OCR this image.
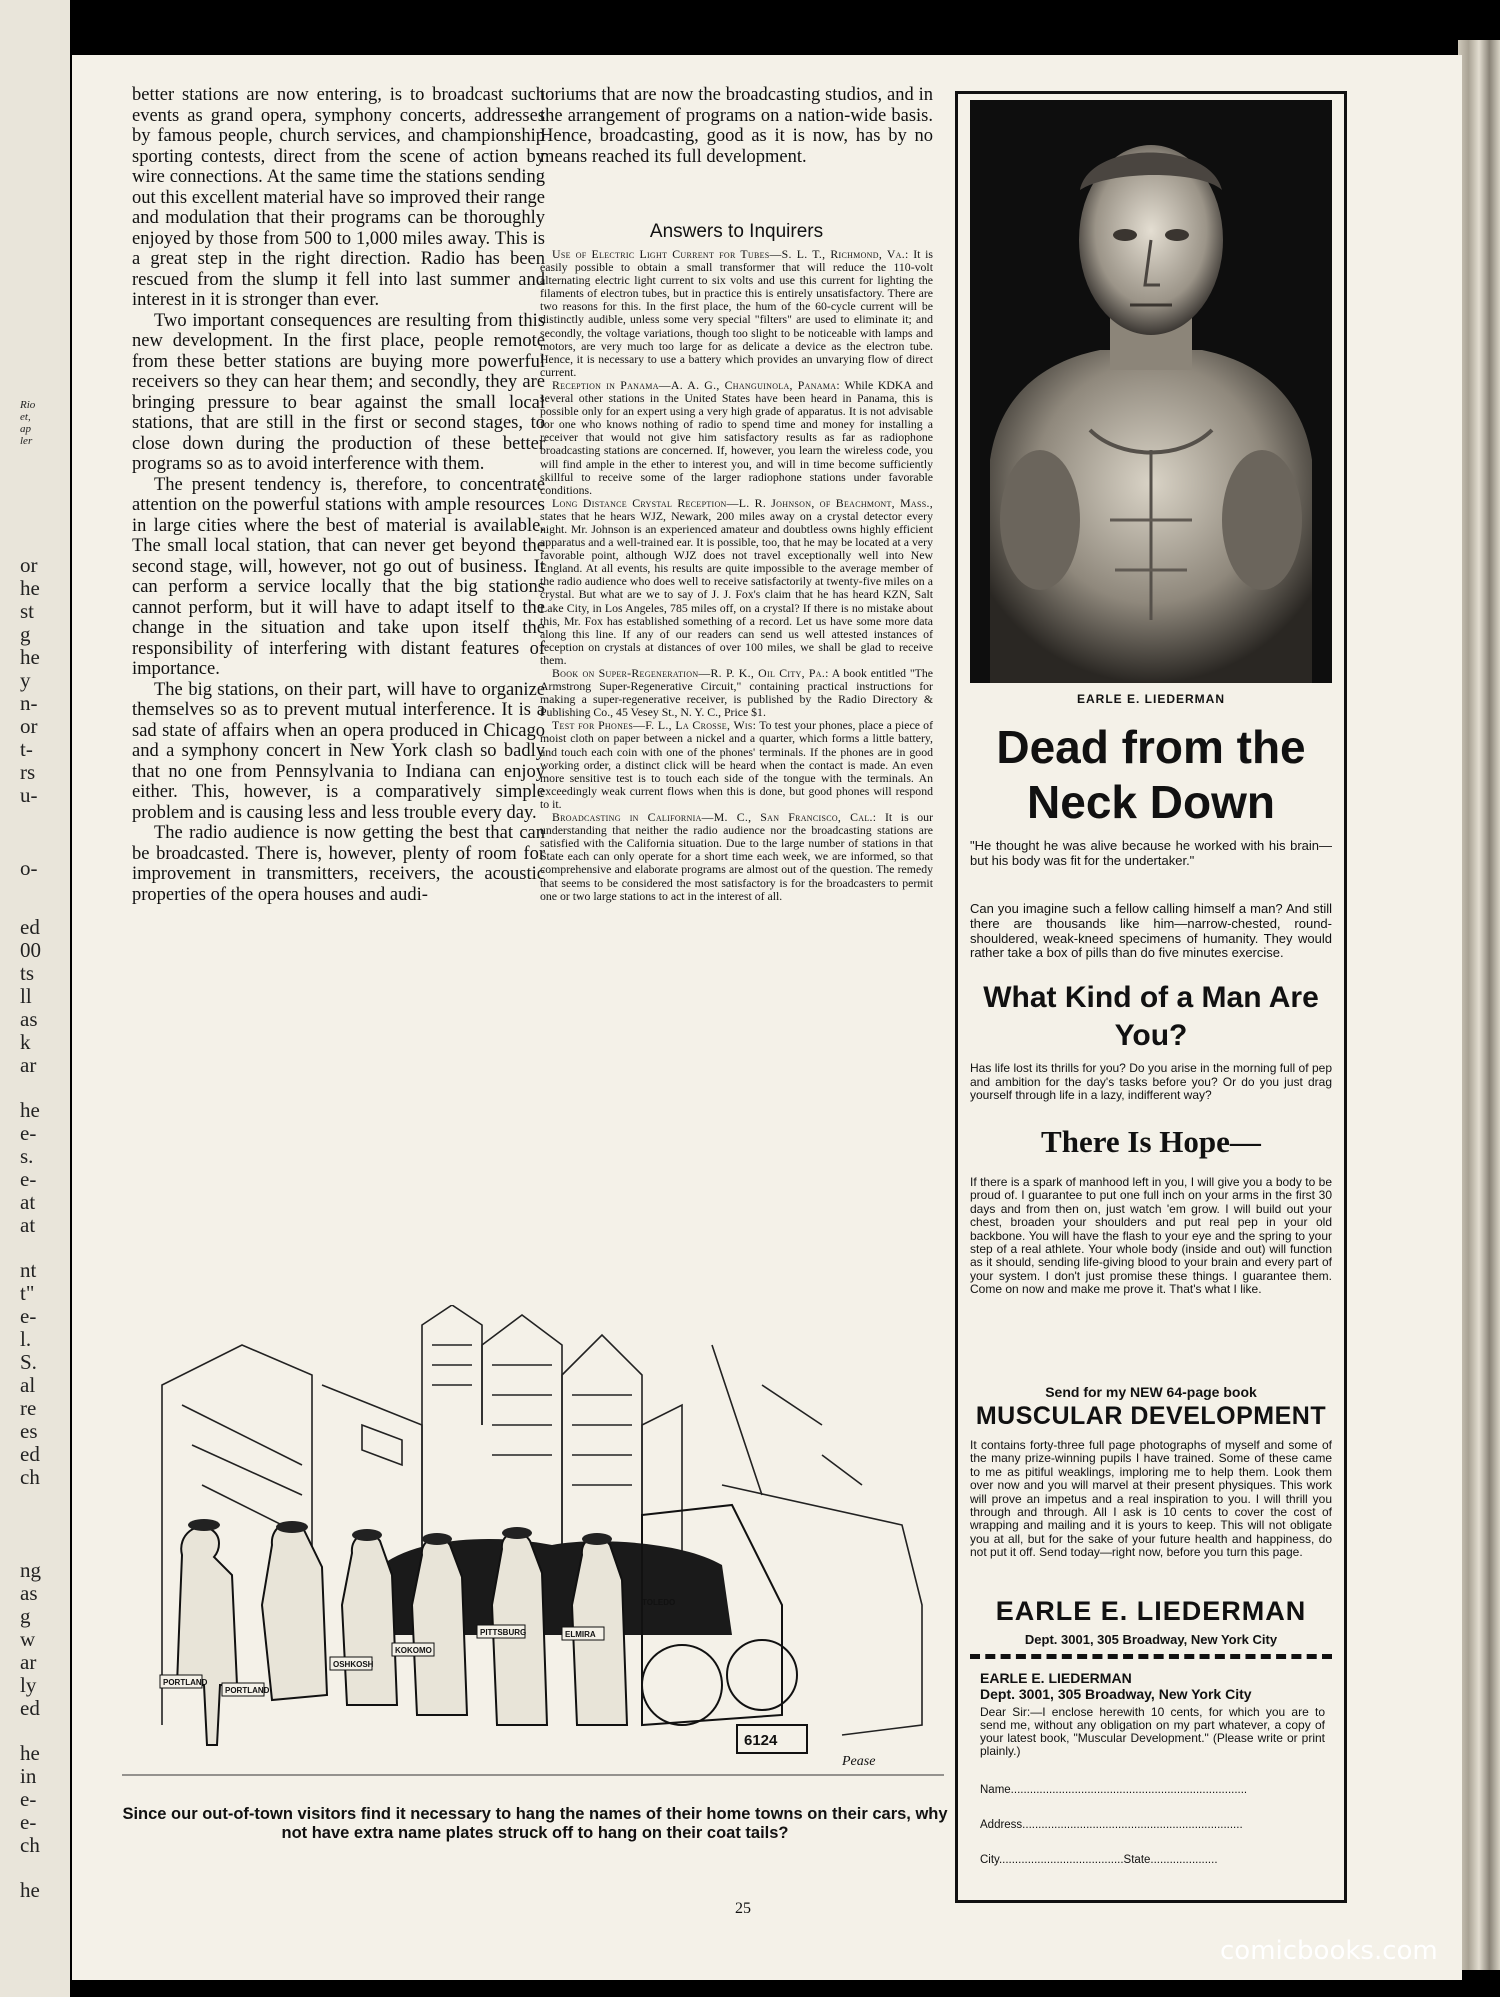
Rio
et,
ap
ler
or
he
st
g
he
y
n-
or
t-
rs
u-
o-
ed
00
ts
ll
as
k
ar
he
e-
s.
e-
at
at
nt
t"
e-
l.
S.
al
re
es
ed
ch
ng
as
g
w
ar
ly
ed
he
in
e-
e-
ch
he

better stations are now entering, is to broadcast such events as grand opera, symphony concerts, addresses by famous people, church services, and championship sporting contests, direct from the scene of action by wire connections. At the same time the stations sending out this excellent material have so improved their range and modulation that their programs can be thoroughly enjoyed by those from 500 to 1,000 miles away. This is a great step in the right direction. Radio has been rescued from the slump it fell into last summer and interest in it is stronger than ever.

Two important consequences are resulting from this new development. In the first place, people remote from these better stations are buying more powerful receivers so they can hear them; and secondly, they are bringing pressure to bear against the small local stations, that are still in the first or second stages, to close down during the production of these better programs so as to avoid interference with them.

The present tendency is, therefore, to concentrate attention on the powerful stations with ample resources in large cities where the best of material is available. The small local station, that can never get beyond the second stage, will, however, not go out of business. It can perform a service locally that the big stations cannot perform, but it will have to adapt itself to the change in the situation and take upon itself the responsibility of interfering with distant features of importance.

The big stations, on their part, will have to organize themselves so as to prevent mutual interference. It is a sad state of affairs when an opera produced in Chicago and a symphony concert in New York clash so badly that no one from Pennsylvania to Indiana can enjoy either. This, however, is a comparatively simple problem and is causing less and less trouble every day.

The radio audience is now getting the best that can be broadcasted. There is, however, plenty of room for improvement in transmitters, receivers, the acoustic properties of the opera houses and audi-

toriums that are now the broadcasting studios, and in the arrangement of programs on a nation-wide basis. Hence, broadcasting, good as it is now, has by no means reached its full development.

Answers to Inquirers

Use of Electric Light Current for Tubes—S. L. T., Richmond, Va.: It is easily possible to obtain a small transformer that will reduce the 110-volt alternating electric light current to six volts and use this current for lighting the filaments of electron tubes, but in practice this is entirely unsatisfactory. There are two reasons for this. In the first place, the hum of the 60-cycle current will be distinctly audible, unless some very special "filters" are used to eliminate it; and secondly, the voltage variations, though too slight to be noticeable with lamps and motors, are very much too large for as delicate a device as the electron tube. Hence, it is necessary to use a battery which provides an unvarying flow of direct current.

Reception in Panama—A. A. G., Changuinola, Panama: While KDKA and several other stations in the United States have been heard in Panama, this is possible only for an expert using a very high grade of apparatus. It is not advisable for one who knows nothing of radio to spend time and money for installing a receiver that would not give him satisfactory results as far as radiophone broadcasting stations are concerned. If, however, you learn the wireless code, you will find ample in the ether to interest you, and will in time become sufficiently skillful to receive some of the larger radiophone stations under favorable conditions.

Long Distance Crystal Reception—L. R. Johnson, of Beachmont, Mass., states that he hears WJZ, Newark, 200 miles away on a crystal detector every night. Mr. Johnson is an experienced amateur and doubtless owns highly efficient apparatus and a well-trained ear. It is possible, too, that he may be located at a very favorable point, although WJZ does not travel exceptionally well into New England. At all events, his results are quite impossible to the average member of the radio audience who does well to receive satisfactorily at twenty-five miles on a crystal. But what are we to say of J. J. Fox's claim that he has heard KZN, Salt Lake City, in Los Angeles, 785 miles off, on a crystal? If there is no mistake about this, Mr. Fox has established something of a record. Let us have some more data along this line. If any of our readers can send us well attested instances of reception on crystals at distances of over 100 miles, we shall be glad to receive them.

Book on Super-Regeneration—R. P. K., Oil City, Pa.: A book entitled "The Armstrong Super-Regenerative Circuit," containing practical instructions for making a super-regenerative receiver, is published by the Radio Directory & Publishing Co., 45 Vesey St., N. Y. C., Price $1.

Test for Phones—F. L., La Crosse, Wis: To test your phones, place a piece of moist cloth on paper between a nickel and a quarter, which forms a little battery, and touch each coin with one of the phones' terminals. If the phones are in good working order, a distinct click will be heard when the contact is made. An even more sensitive test is to touch each side of the tongue with the terminals. An exceedingly weak current flows when this is done, but good phones will respond to it.

Broadcasting in California—M. C., San Francisco, Cal.: It is our understanding that neither the radio audience nor the broadcasting stations are satisfied with the California situation. Due to the large number of stations in that State each can only operate for a short time each week, we are informed, so that comprehensive and elaborate programs are almost out of the question. The remedy that seems to be considered the most satisfactory is for the broadcasters to permit one or two large stations to act in the interest of all.

PORTLAND
PORTLAND
OSHKOSH
KOKOMO
PITTSBURG	ELMIRA
TOLEDO
6124
Pease
Since our out-of-town visitors find it necessary to hang the names of their home towns on their cars, why not have extra name plates struck off to hang on their coat tails?
25
EARLE E. LIEDERMAN
Dead from the Neck Down
"He thought he was alive because he worked with his brain—but his body was fit for the undertaker."
Can you imagine such a fellow calling himself a man? And still there are thousands like him—narrow-chested, round-shouldered, weak-kneed specimens of humanity. They would rather take a box of pills than do five minutes exercise.
What Kind of a Man Are You?
Has life lost its thrills for you? Do you arise in the morning full of pep and ambition for the day's tasks before you? Or do you just drag yourself through life in a lazy, indifferent way?
There Is Hope—
If there is a spark of manhood left in you, I will give you a body to be proud of. I guarantee to put one full inch on your arms in the first 30 days and from then on, just watch 'em grow. I will build out your chest, broaden your shoulders and put real pep in your old backbone. You will have the flash to your eye and the spring to your step of a real athlete. Your whole body (inside and out) will function as it should, sending life-giving blood to your brain and every part of your system. I don't just promise these things. I guarantee them. Come on now and make me prove it. That's what I like.
Send for my NEW 64-page book
MUSCULAR DEVELOPMENT
It contains forty-three full page photographs of myself and some of the many prize-winning pupils I have trained. Some of these came to me as pitiful weaklings, imploring me to help them. Look them over now and you will marvel at their present physiques. This work will prove an impetus and a real inspiration to you. I will thrill you through and through. All I ask is 10 cents to cover the cost of wrapping and mailing and it is yours to keep. This will not obligate you at all, but for the sake of your future health and happiness, do not put it off. Send today—right now, before you turn this page.
EARLE E. LIEDERMAN
Dept. 3001, 305 Broadway, New York City
EARLE E. LIEDERMAN
Dept. 3001, 305 Broadway, New York City
Dear Sir:—I enclose herewith 10 cents, for which you are to send me, without any obligation on my part whatever, a copy of your latest book, "Muscular Development." (Please write or print plainly.)
Name..........................................................................
Address.....................................................................
City.......................................State.....................
comicbooks.com
